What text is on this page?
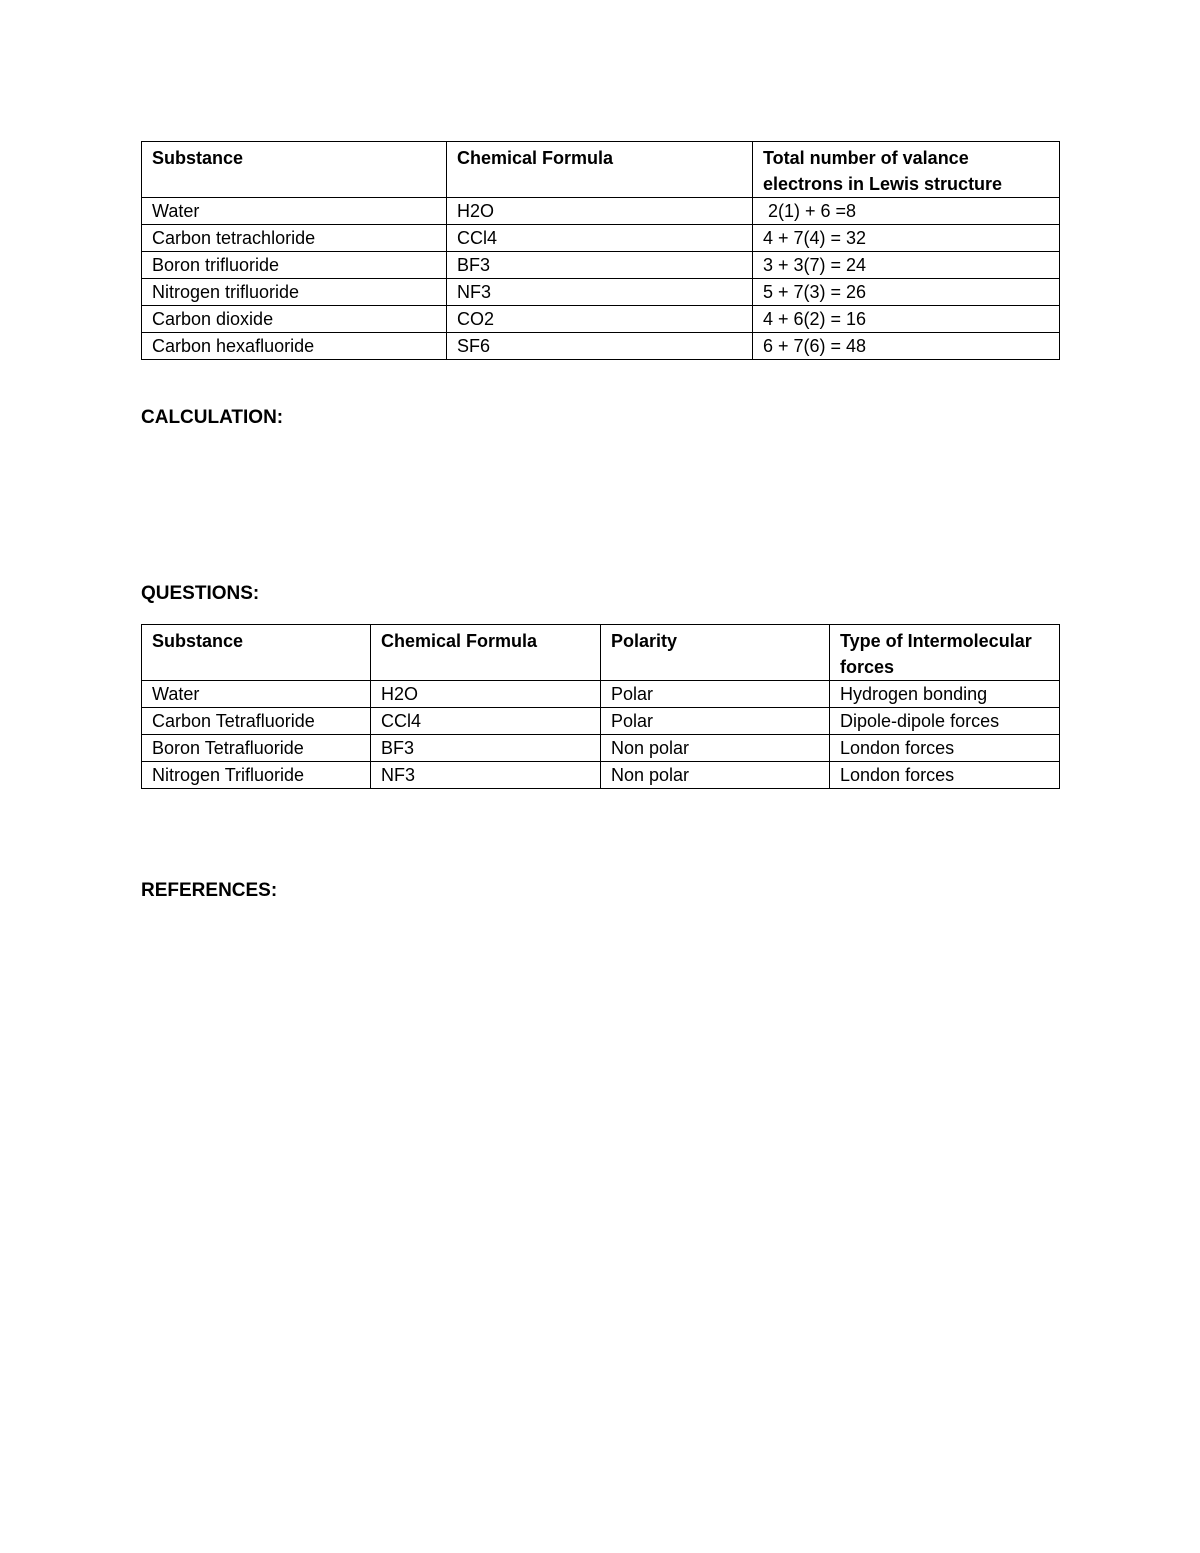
Substance	Chemical Formula	Total number of valance electrons in Lewis structure
Water	H2O	2(1) + 6 =8
Carbon tetrachloride	CCl4	4 + 7(4) = 32
Boron trifluoride	BF3	3 + 3(7) = 24
Nitrogen trifluoride	NF3	5 + 7(3) = 26
Carbon dioxide	CO2	4 + 6(2) = 16
Carbon hexafluoride	SF6	6 + 7(6) = 48
CALCULATION:
QUESTIONS:
Substance	Chemical Formula	Polarity	Type of Intermolecular forces
Water	H2O	Polar	Hydrogen bonding
Carbon Tetrafluoride	CCl4	Polar	Dipole-dipole forces
Boron Tetrafluoride	BF3	Non polar	London forces
Nitrogen Trifluoride	NF3	Non polar	London forces
REFERENCES:
